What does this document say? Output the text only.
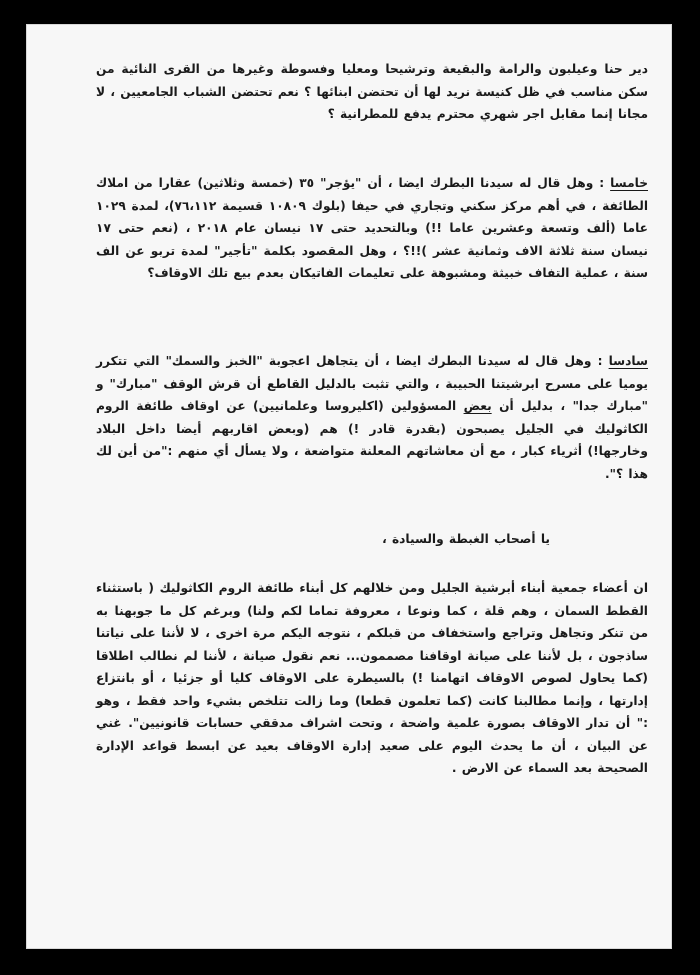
دير حنا وعيلبون والرامة والبقيعة وترشيحا ومعليا وفسوطة وغيرها من القرى النائية من سكن مناسب في ظل كنيسة نريد لها أن تحتضن ابنائها ؟ نعم تحتضن الشباب الجامعيين ، لا مجانا إنما مقابل اجر شهري محترم يدفع للمطرانية ؟

خامسا : وهل قال له سيدنا البطرك ايضا ، أن "يؤجر" ٣٥ (خمسة وثلاثين) عقارا من املاك الطائفة ، في أهم مركز سكني وتجاري في حيفا (بلوك ١٠٨٠٩ قسيمة ٧٦،١١٢)، لمدة ١٠٢٩ عاما (ألف وتسعة وعشرين عاما !!) وبالتحديد حتى ١٧ نيسان عام ٢٠١٨ ، (نعم حتى ١٧ نيسان سنة ثلاثة الاف وثمانية عشر )!!؟ ، وهل المقصود بكلمة "تأجير" لمدة تربو عن الف سنة ، عملية التفاف خبيثة ومشبوهة على تعليمات الفاتيكان بعدم بيع تلك الاوقاف؟

سادسا : وهل قال له سيدنا البطرك ايضا ، أن يتجاهل اعجوبة "الخبز والسمك" التي تتكرر يوميا على مسرح ابرشيتنا الحبيبة ، والتي تثبت بالدليل القاطع أن قرش الوقف "مبارك" و "مبارك جدا" ، بدليل أن بعض المسؤولين (اكليروسا وعلمانيين) عن اوقاف طائفة الروم الكاثوليك في الجليل يصبحون (بقدرة قادر !) هم (وبعض اقاربهم أيضا داخل البلاد وخارجها!) أثرياء كبار ، مع أن معاشاتهم المعلنة متواضعة ، ولا يسأل أي منهم :"من أين لك هذا ؟".

يا أصحاب الغبطة والسيادة ،

ان أعضاء جمعية أبناء أبرشية الجليل ومن خلالهم كل أبناء طائفة الروم الكاثوليك ( باستثناء القطط السمان ، وهم قلة ، كما ونوعا ، معروفة تماما لكم ولنا) وبرغم كل ما جوبهنا به من تنكر وتجاهل وتراجع واستخفاف من قبلكم ، نتوجه اليكم مرة اخرى ، لا لأننا على نياتنا ساذجون ، بل لأننا على صيانة اوقافنا مصممون... نعم نقول صيانة ، لأننا لم نطالب اطلاقا (كما يحاول لصوص الاوقاف اتهامنا !) بالسيطرة على الاوقاف كليا أو جزئيا ، أو بانتزاع إدارتها ، وإنما مطالبنا كانت (كما تعلمون قطعا) وما زالت تتلخص بشيء واحد فقط ، وهو :" أن تدار الاوقاف بصورة علمية واضحة ، وتحت اشراف مدققي حسابات قانونيين". غني عن البيان ، أن ما يحدث اليوم على صعيد إدارة الاوقاف بعيد عن ابسط قواعد الإدارة الصحيحة بعد السماء عن الارض .
